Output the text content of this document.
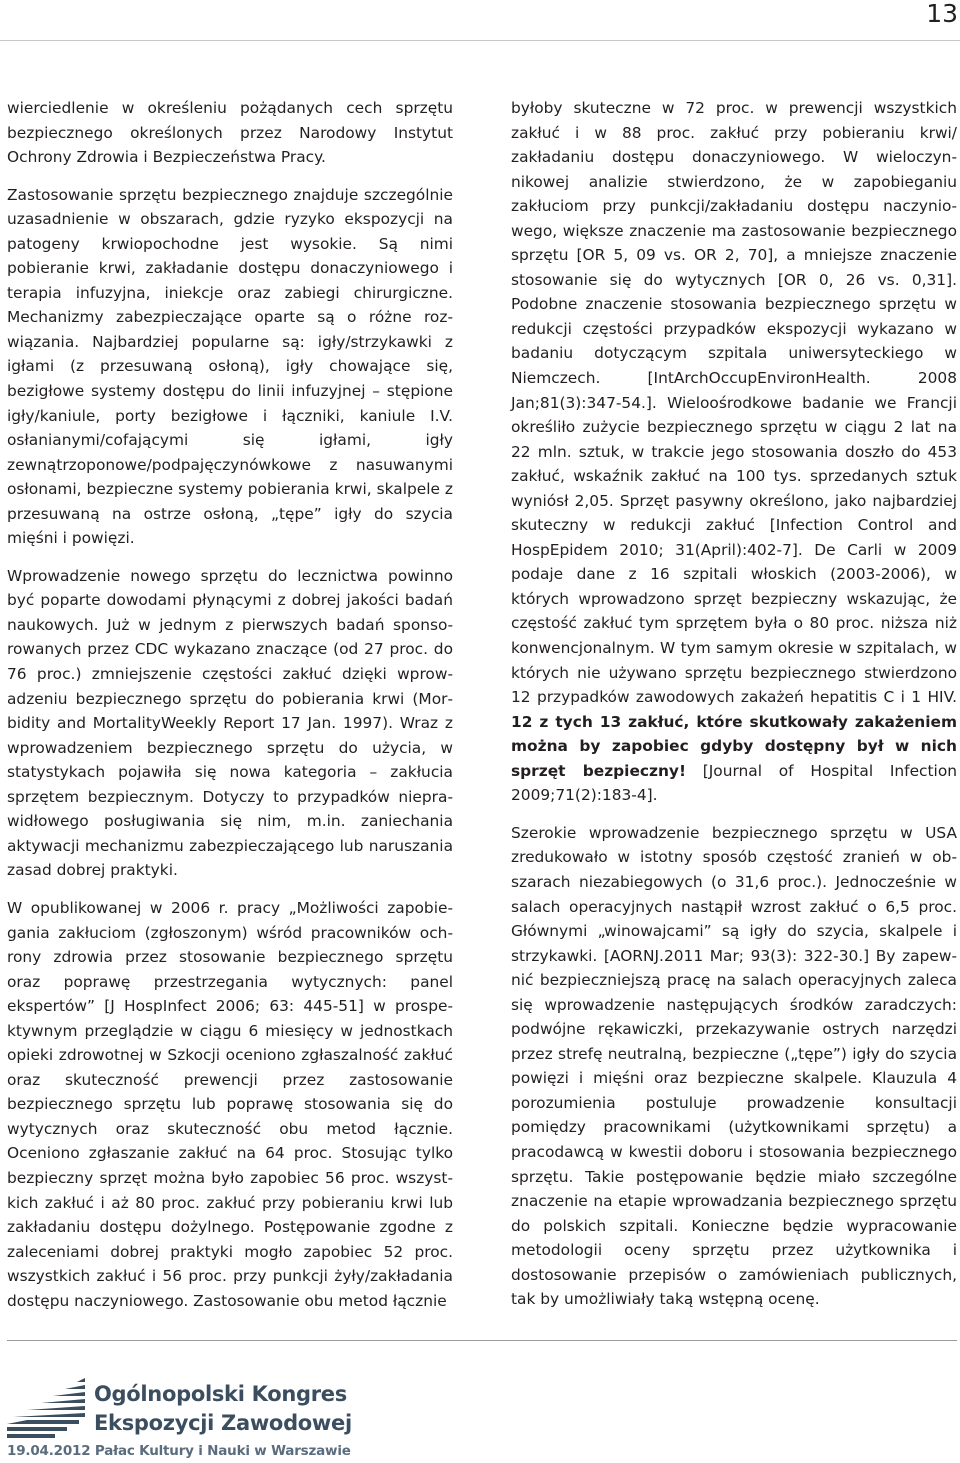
13

wierciedlenie w określeniu pożądanych cech sprzętu bezpiecznego określonych przez Narodowy Instytut Ochrony Zdrowia i Bezpieczeństwa Pracy.

Zastosowanie sprzętu bezpiecznego znajduje szczególnie uzasadnienie w obszarach, gdzie ryzyko ekspozycji na patogeny krwiopochodne jest wysokie. Są nimi pobieranie krwi, zakładanie dostępu donaczyniowego i terapia infuzyjna, iniekcje oraz zabiegi chirurgiczne. Mechanizmy zabezpieczające oparte są o różne rozwiązania. Najbardziej popularne są: igły/strzykawki z igłami (z przesuwaną osłoną), igły chowające się, bezigłowe systemy dostępu do linii infuzyjnej – stępione igły/kaniule, porty bezigłowe i łączniki, kaniule I.V. osłanianymi/cofającymi się igłami, igły zewnątrzoponowe/podpajęczynówkowe z nasuwanymi osłonami, bezpieczne systemy pobierania krwi, skalpele z przesuwaną na ostrze osłoną, „tępe” igły do szycia mięśni i powięzi.

Wprowadzenie nowego sprzętu do lecznictwa powinno być poparte dowodami płynącymi z dobrej jakości badań naukowych. Już w jednym z pierwszych badań sponsorowanych przez CDC wykazano znaczące (od 27 proc. do 76 proc.) zmniejszenie częstości zakłuć dzięki wprowadzeniu bezpiecznego sprzętu do pobierania krwi (Morbidity and MortalityWeekly Report 17 Jan. 1997). Wraz z wprowadzeniem bezpiecznego sprzętu do użycia, w statystykach pojawiła się nowa kategoria – zakłucia sprzętem bezpiecznym. Dotyczy to przypadków nieprawidłowego posługiwania się nim, m.in. zaniechania aktywacji mechanizmu zabezpieczającego lub naruszania zasad dobrej praktyki.

W opublikowanej w 2006 r. pracy „Możliwości zapobiegania zakłuciom (zgłoszonym) wśród pracowników ochrony zdrowia przez stosowanie bezpiecznego sprzętu oraz poprawę przestrzegania wytycznych: panel ekspertów” [J HospInfect 2006; 63: 445-51] w prospektywnym przeglądzie w ciągu 6 miesięcy w jednostkach opieki zdrowotnej w Szkocji oceniono zgłaszalność zakłuć oraz skuteczność prewencji przez zastosowanie bezpiecznego sprzętu lub poprawę stosowania się do wytycznych oraz skuteczność obu metod łącznie. Oceniono zgłaszanie zakłuć na 64 proc. Stosując tylko bezpieczny sprzęt można było zapobiec 56 proc. wszystkich zakłuć i aż 80 proc. zakłuć przy pobieraniu krwi lub zakładaniu dostępu dożylnego. Postępowanie zgodne z zaleceniami dobrej praktyki mogło zapobiec 52 proc. wszystkich zakłuć i 56 proc. przy punkcji żyły/zakładania dostępu naczyniowego. Zastosowanie obu metod łącznie

byłoby skuteczne w 72 proc. w prewencji wszystkich zakłuć i w 88 proc. zakłuć przy pobieraniu krwi/ zakładaniu dostępu donaczyniowego. W wieloczynnikowej analizie stwierdzono, że w zapobieganiu zakłuciom przy punkcji/zakładaniu dostępu naczyniowego, większe znaczenie ma zastosowanie bezpiecznego sprzętu [OR 5, 09 vs. OR 2, 70], a mniejsze znaczenie stosowanie się do wytycznych [OR 0, 26 vs. 0,31]. Podobne znaczenie stosowania bezpiecznego sprzętu w redukcji częstości przypadków ekspozycji wykazano w badaniu dotyczącym szpitala uniwersyteckiego w Niemczech. [IntArchOccupEnvironHealth. 2008 Jan;81(3):347-54.]. Wieloośrodkowe badanie we Francji określiło zużycie bezpiecznego sprzętu w ciągu 2 lat na 22 mln. sztuk, w trakcie jego stosowania doszło do 453 zakłuć, wskaźnik zakłuć na 100 tys. sprzedanych sztuk wyniósł 2,05. Sprzęt pasywny określono, jako najbardziej skuteczny w redukcji zakłuć [Infection Control and HospEpidem 2010; 31(April):402-7]. De Carli w 2009 podaje dane z 16 szpitali włoskich (2003-2006), w których wprowadzono sprzęt bezpieczny wskazując, że częstość zakłuć tym sprzętem była o 80 proc. niższa niż konwencjonalnym. W tym samym okresie w szpitalach, w których nie używano sprzętu bezpiecznego stwierdzono 12 przypadków zawodowych zakażeń hepatitis C i 1 HIV. 12 z tych 13 zakłuć, które skutkowały zakażeniem można by zapobiec gdyby dostępny był w nich sprzęt bezpieczny! [Journal of Hospital Infection 2009;71(2):183-4].

Szerokie wprowadzenie bezpiecznego sprzętu w USA zredukowało w istotny sposób częstość zranień w obszarach niezabiegowych (o 31,6 proc.). Jednocześnie w salach operacyjnych nastąpił wzrost zakłuć o 6,5 proc. Głównymi „winowajcami” są igły do szycia, skalpele i strzykawki. [AORNJ.2011 Mar; 93(3): 322-30.] By zapewnić bezpieczniejszą pracę na salach operacyjnych zaleca się wprowadzenie następujących środków zaradczych: podwójne rękawiczki, przekazywanie ostrych narzędzi przez strefę neutralną, bezpieczne („tępe”) igły do szycia powięzi i mięśni oraz bezpieczne skalpele. Klauzula 4 porozumienia postuluje prowadzenie konsultacji pomiędzy pracownikami (użytkownikami sprzętu) a pracodawcą w kwestii doboru i stosowania bezpiecznego sprzętu. Takie postępowanie będzie miało szczególne znaczenie na etapie wprowadzania bezpiecznego sprzętu do polskich szpitali. Konieczne będzie wypracowanie metodologii oceny sprzętu przez użytkownika i dostosowanie przepisów o zamówieniach publicznych, tak by umożliwiały taką wstępną ocenę.

Ogólnopolski Kongres
Ekspozycji Zawodowej
19.04.2012 Pałac Kultury i Nauki w Warszawie
